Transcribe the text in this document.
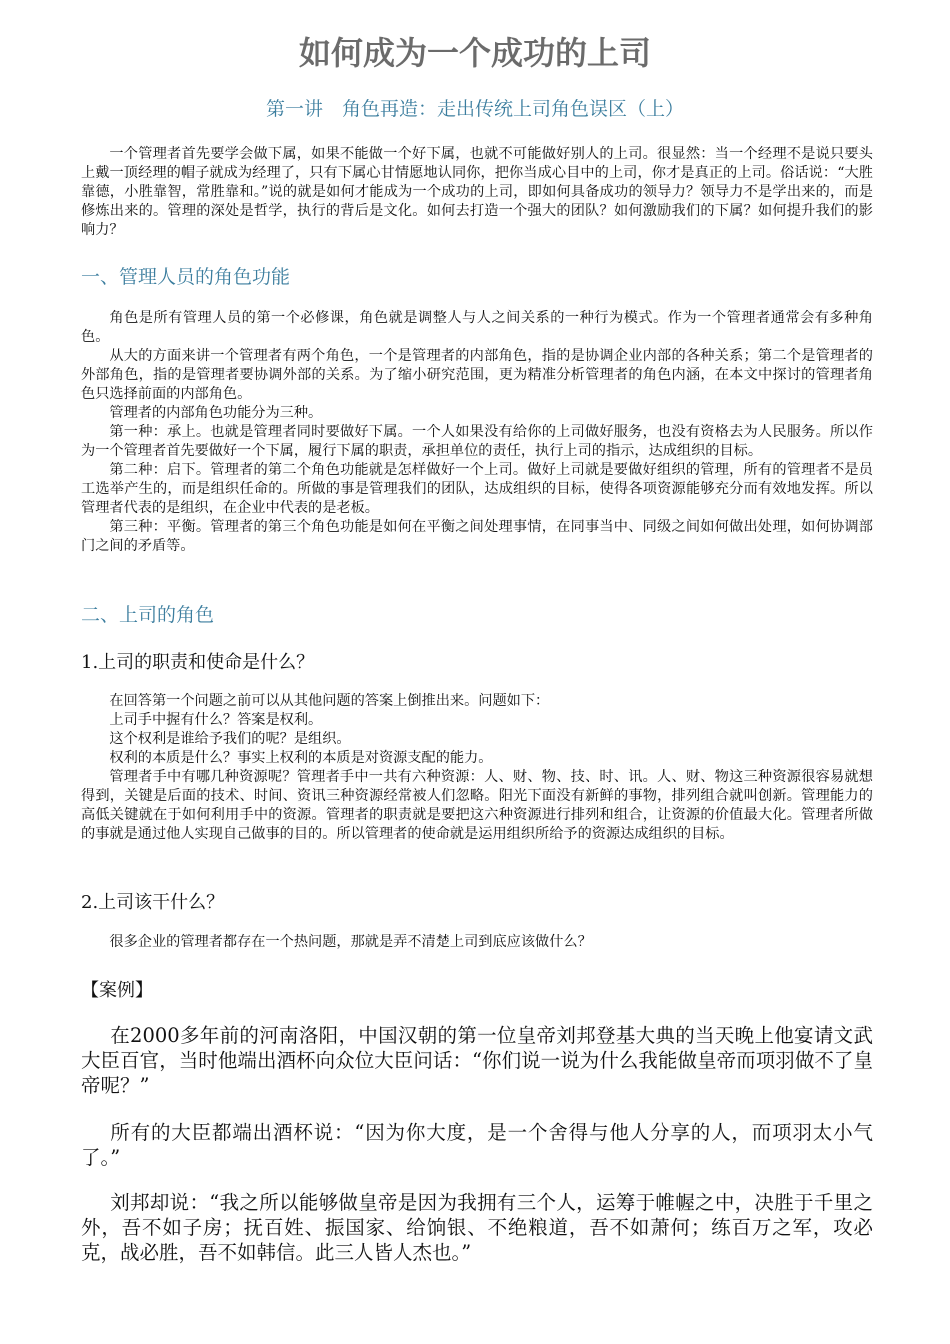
如何成为一个成功的上司
第一讲　角色再造：走出传统上司角色误区（上）

一个管理者首先要学会做下属，如果不能做一个好下属，也就不可能做好别人的上司。很显然：当一个经理不是说只要头上戴一顶经理的帽子就成为经理了，只有下属心甘情愿地认同你，把你当成心目中的上司，你才是真正的上司。俗话说：“大胜靠德，小胜靠智，常胜靠和。”说的就是如何才能成为一个成功的上司，即如何具备成功的领导力？领导力不是学出来的，而是修炼出来的。管理的深处是哲学，执行的背后是文化。如何去打造一个强大的团队？如何激励我们的下属？如何提升我们的影响力？

一、管理人员的角色功能

角色是所有管理人员的第一个必修课，角色就是调整人与人之间关系的一种行为模式。作为一个管理者通常会有多种角色。

从大的方面来讲一个管理者有两个角色，一个是管理者的内部角色，指的是协调企业内部的各种关系；第二个是管理者的外部角色，指的是管理者要协调外部的关系。为了缩小研究范围，更为精准分析管理者的角色内涵，在本文中探讨的管理者角色只选择前面的内部角色。

管理者的内部角色功能分为三种。

第一种：承上。也就是管理者同时要做好下属。一个人如果没有给你的上司做好服务，也没有资格去为人民服务。所以作为一个管理者首先要做好一个下属，履行下属的职责，承担单位的责任，执行上司的指示，达成组织的目标。

第二种：启下。管理者的第二个角色功能就是怎样做好一个上司。做好上司就是要做好组织的管理，所有的管理者不是员工选举产生的，而是组织任命的。所做的事是管理我们的团队，达成组织的目标，使得各项资源能够充分而有效地发挥。所以管理者代表的是组织，在企业中代表的是老板。

第三种：平衡。管理者的第三个角色功能是如何在平衡之间处理事情，在同事当中、同级之间如何做出处理，如何协调部门之间的矛盾等。

二、上司的角色
1.上司的职责和使命是什么？

在回答第一个问题之前可以从其他问题的答案上倒推出来。问题如下：

上司手中握有什么？答案是权利。

这个权利是谁给予我们的呢？是组织。

权利的本质是什么？事实上权利的本质是对资源支配的能力。

管理者手中有哪几种资源呢？管理者手中一共有六种资源：人、财、物、技、时、讯。人、财、物这三种资源很容易就想得到，关键是后面的技术、时间、资讯三种资源经常被人们忽略。阳光下面没有新鲜的事物，排列组合就叫创新。管理能力的高低关键就在于如何利用手中的资源。管理者的职责就是要把这六种资源进行排列和组合，让资源的价值最大化。管理者所做的事就是通过他人实现自己做事的目的。所以管理者的使命就是运用组织所给予的资源达成组织的目标。

2.上司该干什么？

很多企业的管理者都存在一个热问题，那就是弄不清楚上司到底应该做什么？

【案例】

在2000多年前的河南洛阳，中国汉朝的第一位皇帝刘邦登基大典的当天晚上他宴请文武大臣百官，当时他端出酒杯向众位大臣问话：“你们说一说为什么我能做皇帝而项羽做不了皇帝呢？”

所有的大臣都端出酒杯说：“因为你大度，是一个舍得与他人分享的人，而项羽太小气了。”

刘邦却说：“我之所以能够做皇帝是因为我拥有三个人，运筹于帷幄之中，决胜于千里之外，吾不如子房；抚百姓、振国家、给饷银、不绝粮道，吾不如萧何；练百万之军，攻必克，战必胜，吾不如韩信。此三人皆人杰也。”
